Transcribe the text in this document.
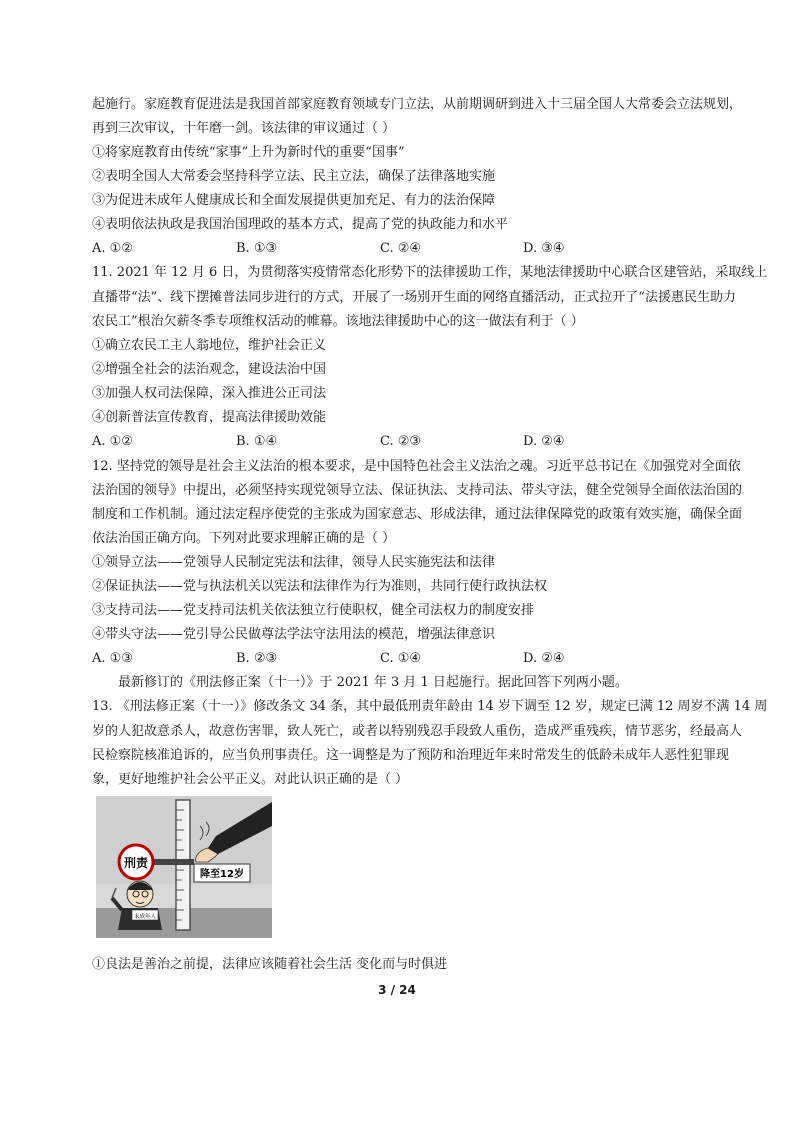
起施行。家庭教育促进法是我国首部家庭教育领域专门立法，从前期调研到进入十三届全国人大常委会立法规划，
再到三次审议，十年磨一剑。该法律的审议通过（ ）
①将家庭教育由传统“家事”上升为新时代的重要“国事”
②表明全国人大常委会坚持科学立法、民主立法，确保了法律落地实施
③为促进未成年人健康成长和全面发展提供更加充足、有力的法治保障
④表明依法执政是我国治国理政的基本方式，提高了党的执政能力和水平
A. ①②	B. ①③	C. ②④	D. ③④
11. 2021 年 12 月 6 日，为贯彻落实疫情常态化形势下的法律援助工作，某地法律援助中心联合区建管站，采取线上
直播带“法”、线下摆摊普法同步进行的方式，开展了一场别开生面的网络直播活动，正式拉开了“法援惠民生助力
农民工”根治欠薪冬季专项维权活动的帷幕。该地法律援助中心的这一做法有利于（ ）
①确立农民工主人翁地位，维护社会正义
②增强全社会的法治观念，建设法治中国
③加强人权司法保障，深入推进公正司法
④创新普法宣传教育，提高法律援助效能
A. ①②	B. ①④	C. ②③	D. ②④
12. 坚持党的领导是社会主义法治的根本要求，是中国特色社会主义法治之魂。习近平总书记在《加强党对全面依
法治国的领导》中提出，必须坚持实现党领导立法、保证执法、支持司法、带头守法，健全党领导全面依法治国的
制度和工作机制。通过法定程序使党的主张成为国家意志、形成法律，通过法律保障党的政策有效实施，确保全面
依法治国正确方向。下列对此要求理解正确的是（ ）
①领导立法——党领导人民制定宪法和法律，领导人民实施宪法和法律
②保证执法——党与执法机关以宪法和法律作为行为准则，共同行使行政执法权
③支持司法——党支持司法机关依法独立行使职权，健全司法权力的制度安排
④带头守法——党引导公民做尊法学法守法用法的模范，增强法律意识
A. ①③	B. ②③	C. ①④	D. ②④
最新修订的《刑法修正案（十一）》于 2021 年 3 月 1 日起施行。据此回答下列两小题。
13. 《刑法修正案（十一）》修改条文 34 条，其中最低刑责年龄由 14 岁下调至 12 岁，规定已满 12 周岁不满 14 周
岁的人犯故意杀人，故意伤害罪，致人死亡，或者以特别残忍手段致人重伤，造成严重残疾，情节恶劣，经最高人
民检察院核准追诉的，应当负刑事责任。这一调整是为了预防和治理近年来时常发生的低龄未成年人恶性犯罪现
象，更好地维护社会公平正义。对此认识正确的是（ ）
刑责
降至12岁
未成年人
①良法是善治之前提，法律应该随着社会生活 变化而与时俱进
3 / 24
